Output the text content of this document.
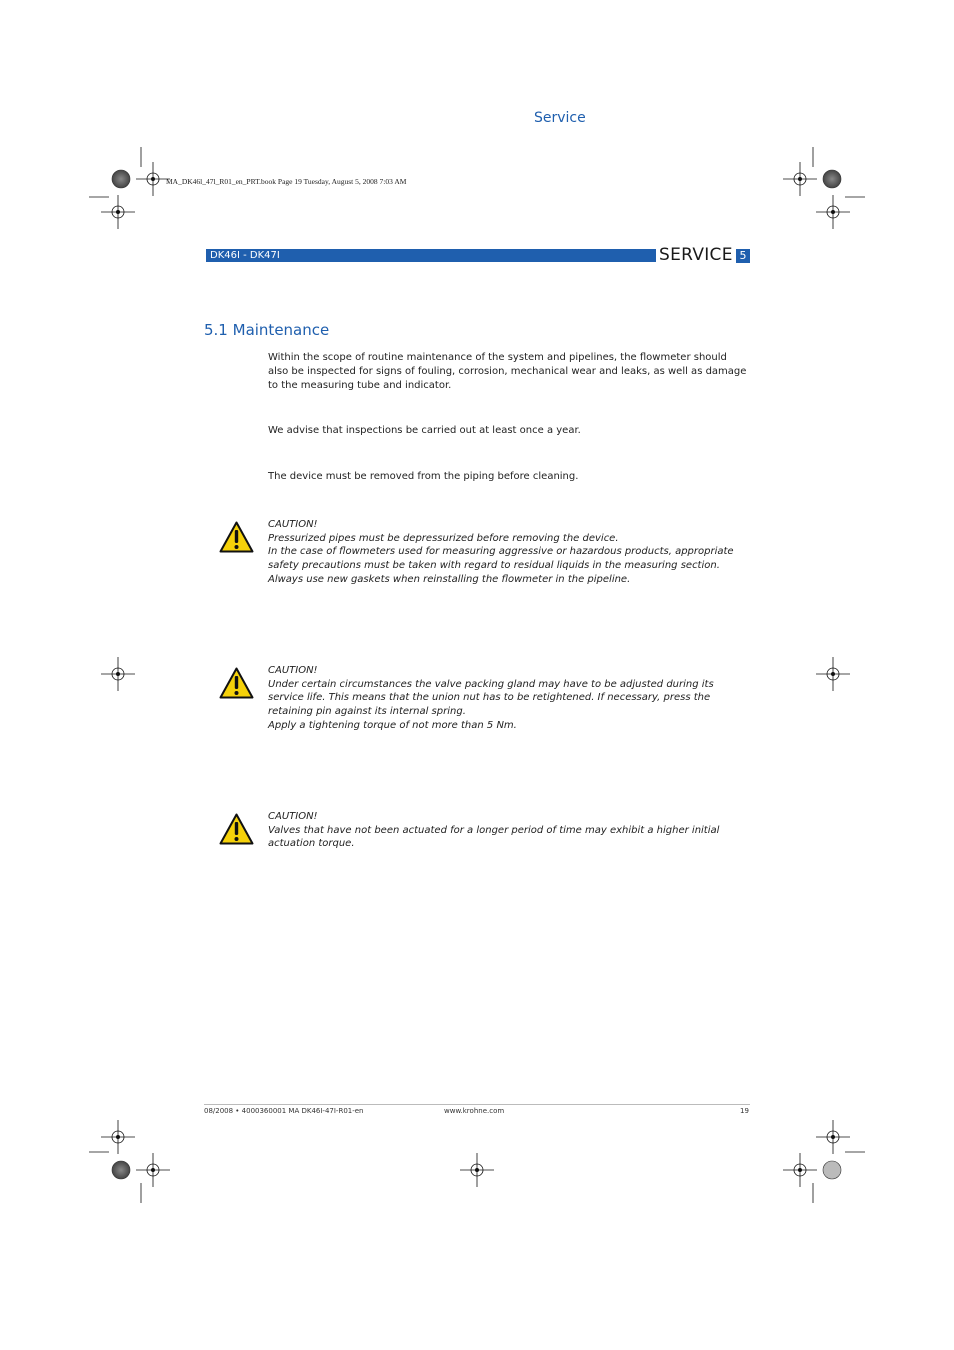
Service
MA_DK46l_47l_R01_en_PRT.book Page 19 Tuesday, August 5, 2008 7:03 AM
DK46I - DK47I	SERVICE 5
5.1 Maintenance
Within the scope of routine maintenance of the system and pipelines, the flowmeter should also be inspected for signs of fouling, corrosion, mechanical wear and leaks, as well as damage to the measuring tube and indicator.
We advise that inspections be carried out at least once a year.
The device must be removed from the piping before cleaning.
CAUTION!
Pressurized pipes must be depressurized before removing the device.
In the case of flowmeters used for measuring aggressive or hazardous products, appropriate safety precautions must be taken with regard to residual liquids in the measuring section.
Always use new gaskets when reinstalling the flowmeter in the pipeline.
CAUTION!
Under certain circumstances the valve packing gland may have to be adjusted during its service life. This means that the union nut has to be retightened. If necessary, press the retaining pin against its internal spring.
Apply a tightening torque of not more than 5 Nm.
CAUTION!
Valves that have not been actuated for a longer period of time may exhibit a higher initial actuation torque.
08/2008 • 4000360001 MA DK46I-47I-R01-en	www.krohne.com	19
